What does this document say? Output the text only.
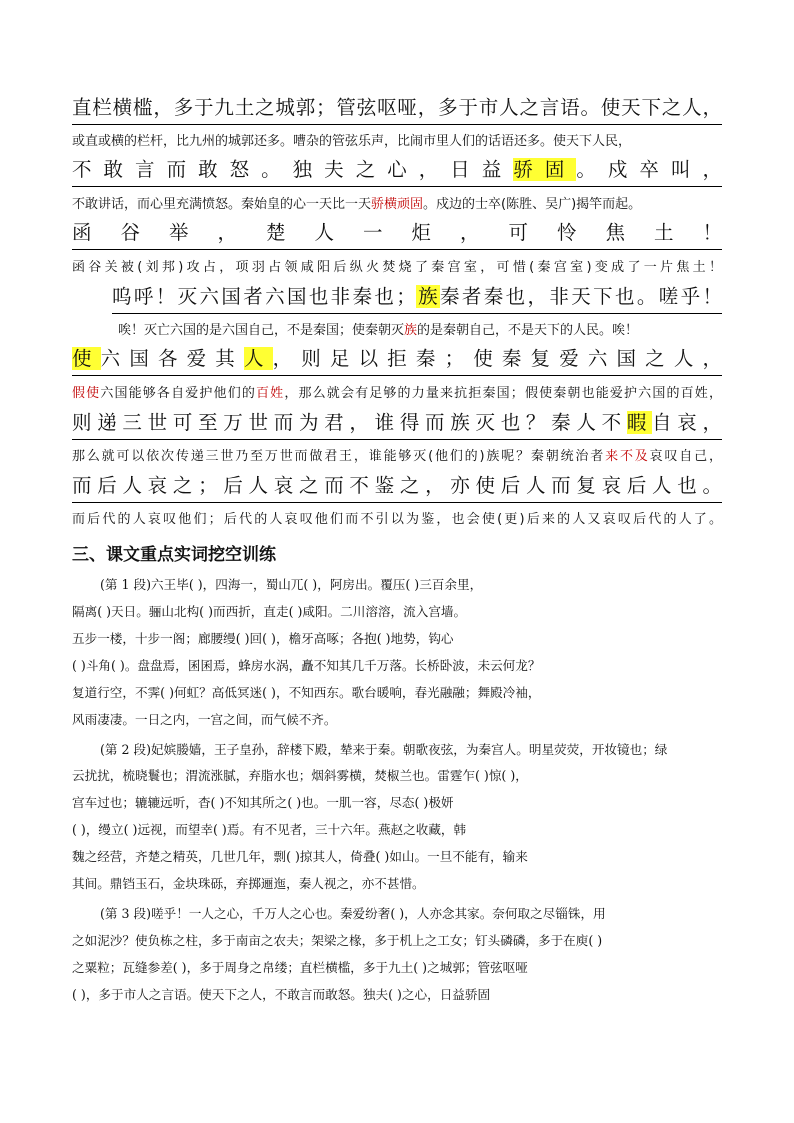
直栏横槛，多于九土之城郭；管弦呕哑，多于市人之言语。使天下之人，
或直或横的栏杆，比九州的城郭还多。嘈杂的管弦乐声，比闹市里人们的话语还多。使天下人民，
不敢言而敢怒。独夫之心，日益骄固。戍卒叫，
不敢讲话，而心里充满愤怒。秦始皇的心一天比一天骄横顽固。戍边的士卒(陈胜、吴广)揭竿而起。
函谷举，楚人一炬，可怜焦土！
函谷关被(刘邦)攻占，项羽占领咸阳后纵火焚烧了秦宫室，可惜(秦宫室)变成了一片焦土！
呜呼！灭六国者六国也非秦也；族秦者秦也，非天下也。嗟乎！
唉！灭亡六国的是六国自己，不是秦国；使秦朝灭族的是秦朝自己，不是天下的人民。唉！
使六国各爱其人，则足以拒秦；使秦复爱六国之人，
假使六国能够各自爱护他们的百姓，那么就会有足够的力量来抗拒秦国；假使秦朝也能爱护六国的百姓，
则递三世可至万世而为君，谁得而族灭也？秦人不暇自哀，
那么就可以依次传递三世乃至万世而做君王，谁能够灭(他们的)族呢？秦朝统治者来不及哀叹自己，
而后人哀之；后人哀之而不鉴之，亦使后人而复哀后人也。
而后代的人哀叹他们；后代的人哀叹他们而不引以为鉴，也会使(更)后来的人又哀叹后代的人了。
三、课文重点实词挖空训练
(第 1 段)六王毕( )，四海一，蜀山兀( )，阿房出。覆压( )三百余里，
隔离( )天日。骊山北构( )而西折，直走( )咸阳。二川溶溶，流入宫墙。
五步一楼，十步一阁；廊腰缦( )回( )，檐牙高啄；各抱( )地势，钩心
( )斗角( )。盘盘焉，囷囷焉，蜂房水涡，矗不知其几千万落。长桥卧波，未云何龙？
复道行空，不霁( )何虹？高低冥迷( )，不知西东。歌台暖响，春光融融；舞殿冷袖，
风雨凄凄。一日之内，一宫之间，而气候不齐。
(第 2 段)妃嫔媵嫱，王子皇孙，辞楼下殿，辇来于秦。朝歌夜弦，为秦宫人。明星荧荧，开妆镜也；绿
云扰扰，梳晓鬟也；渭流涨腻，弃脂水也；烟斜雾横，焚椒兰也。雷霆乍( )惊( )，
宫车过也；辘辘远听，杳( )不知其所之( )也。一肌一容，尽态( )极妍
( )，缦立( )远视，而望幸( )焉。有不见者，三十六年。燕赵之收藏，韩
魏之经营，齐楚之精英，几世几年，剽( )掠其人，倚叠( )如山。一旦不能有，输来
其间。鼎铛玉石，金块珠砾，弃掷逦迤，秦人视之，亦不甚惜。
(第 3 段)嗟乎！一人之心，千万人之心也。秦爱纷奢( )，人亦念其家。奈何取之尽锱铢，用
之如泥沙？使负栋之柱，多于南亩之农夫；架梁之椽，多于机上之工女；钉头磷磷，多于在庾( )
之粟粒；瓦缝参差( )，多于周身之帛缕；直栏横槛，多于九土( )之城郭；管弦呕哑
( )，多于市人之言语。使天下之人，不敢言而敢怒。独夫( )之心，日益骄固
